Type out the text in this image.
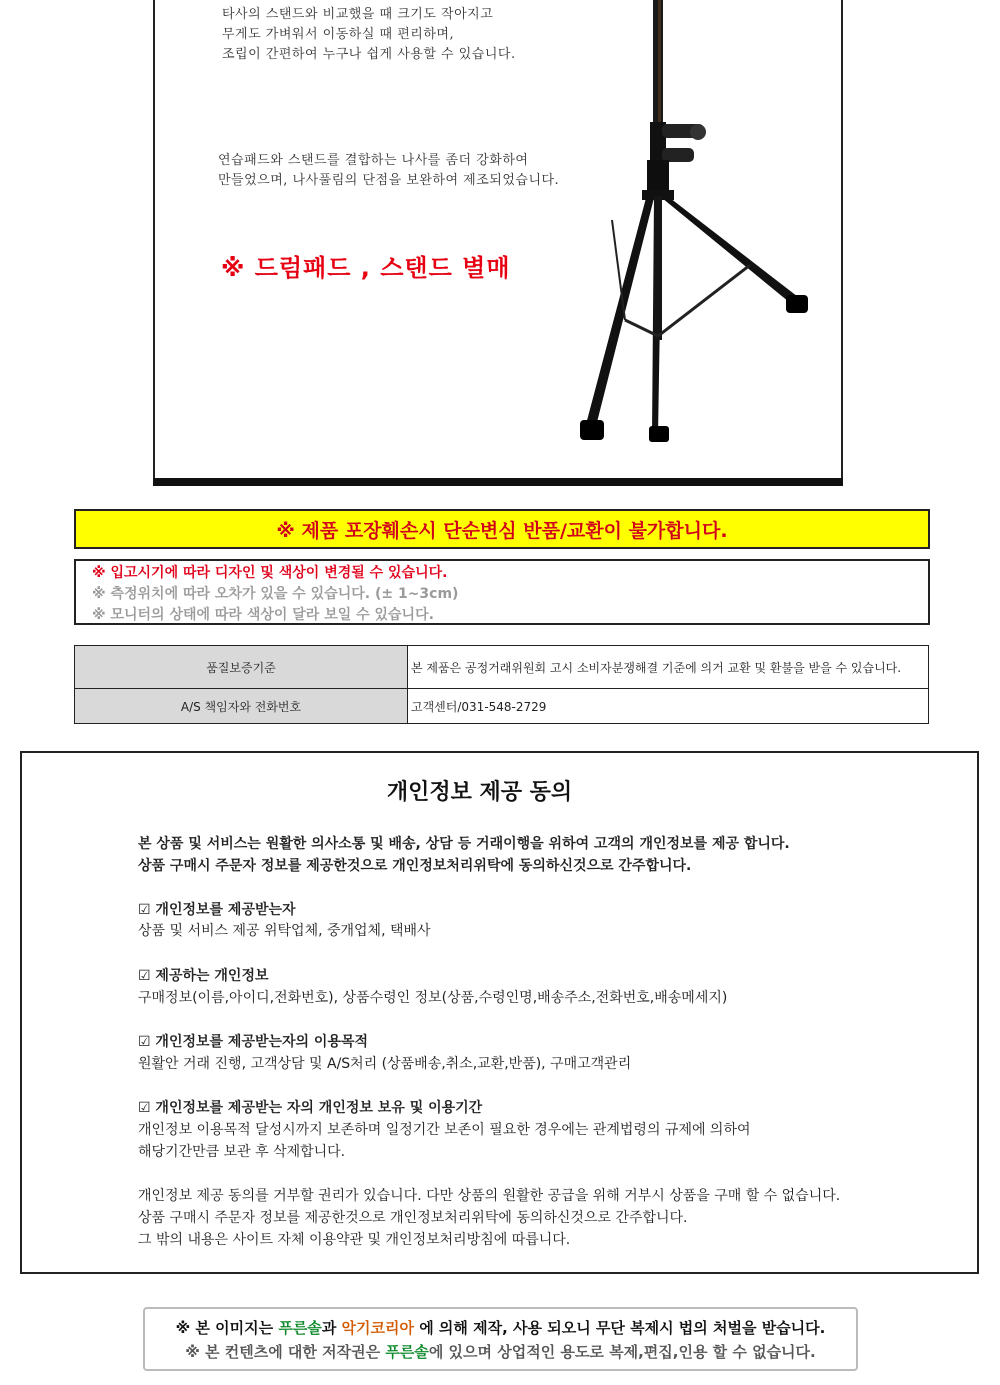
타사의 스탠드와 비교했을 때 크기도 작아지고
무게도 가벼워서 이동하실 때 편리하며,
조립이 간편하여 누구나 쉽게 사용할 수 있습니다.
연습패드와 스탠드를 결합하는 나사를 좀더 강화하여
만들었으며, 나사풀림의 단점을 보완하여 제조되었습니다.
※ 드럼패드 , 스탠드 별매
※ 제품 포장훼손시 단순변심 반품/교환이 불가합니다.
※ 입고시기에 따라 디자인 및 색상이 변경될 수 있습니다.
※ 측정위치에 따라 오차가 있을 수 있습니다. (± 1~3cm)
※ 모니터의 상태에 따라 색상이 달라 보일 수 있습니다.
품질보증기준	본 제품은 공정거래위원회 고시 소비자분쟁해결 기준에 의거 교환 및 환불을 받을 수 있습니다.
A/S 책임자와 전화번호	고객센터/031-548-2729
개인정보 제공 동의
본 상품 및 서비스는 원활한 의사소통 및 배송, 상담 등 거래이행을 위하여 고객의 개인정보를 제공 합니다.
상품 구매시 주문자 정보를 제공한것으로 개인정보처리위탁에 동의하신것으로 간주합니다.
☑ 개인정보를 제공받는자
상품 및 서비스 제공 위탁업체, 중개업체, 택배사
☑ 제공하는 개인정보
구매정보(이름,아이디,전화번호), 상품수령인 정보(상품,수령인명,배송주소,전화번호,배송메세지)
☑ 개인정보를 제공받는자의 이용목적
원활안 거래 진행, 고객상담 및 A/S처리 (상품배송,취소,교환,반품), 구매고객관리
☑ 개인정보를 제공받는 자의 개인정보 보유 및 이용기간
개인정보 이용목적 달성시까지 보존하며 일정기간 보존이 필요한 경우에는 관계법령의 규제에 의하여
해당기간만큼 보관 후 삭제합니다.
개인정보 제공 동의를 거부할 권리가 있습니다. 다만 상품의 원활한 공급을 위해 거부시 상품을 구매 할 수 없습니다.
상품 구매시 주문자 정보를 제공한것으로 개인정보처리위탁에 동의하신것으로 간주합니다.
그 밖의 내용은 사이트 자체 이용약관 및 개인정보처리방침에 따릅니다.
※ 본 이미지는 푸른솔과 악기코리아 에 의해 제작, 사용 되오니 무단 복제시 법의 처벌을 받습니다.
※ 본 컨텐츠에 대한 저작권은 푸른솔에 있으며 상업적인 용도로 복제,편집,인용 할 수 없습니다.
